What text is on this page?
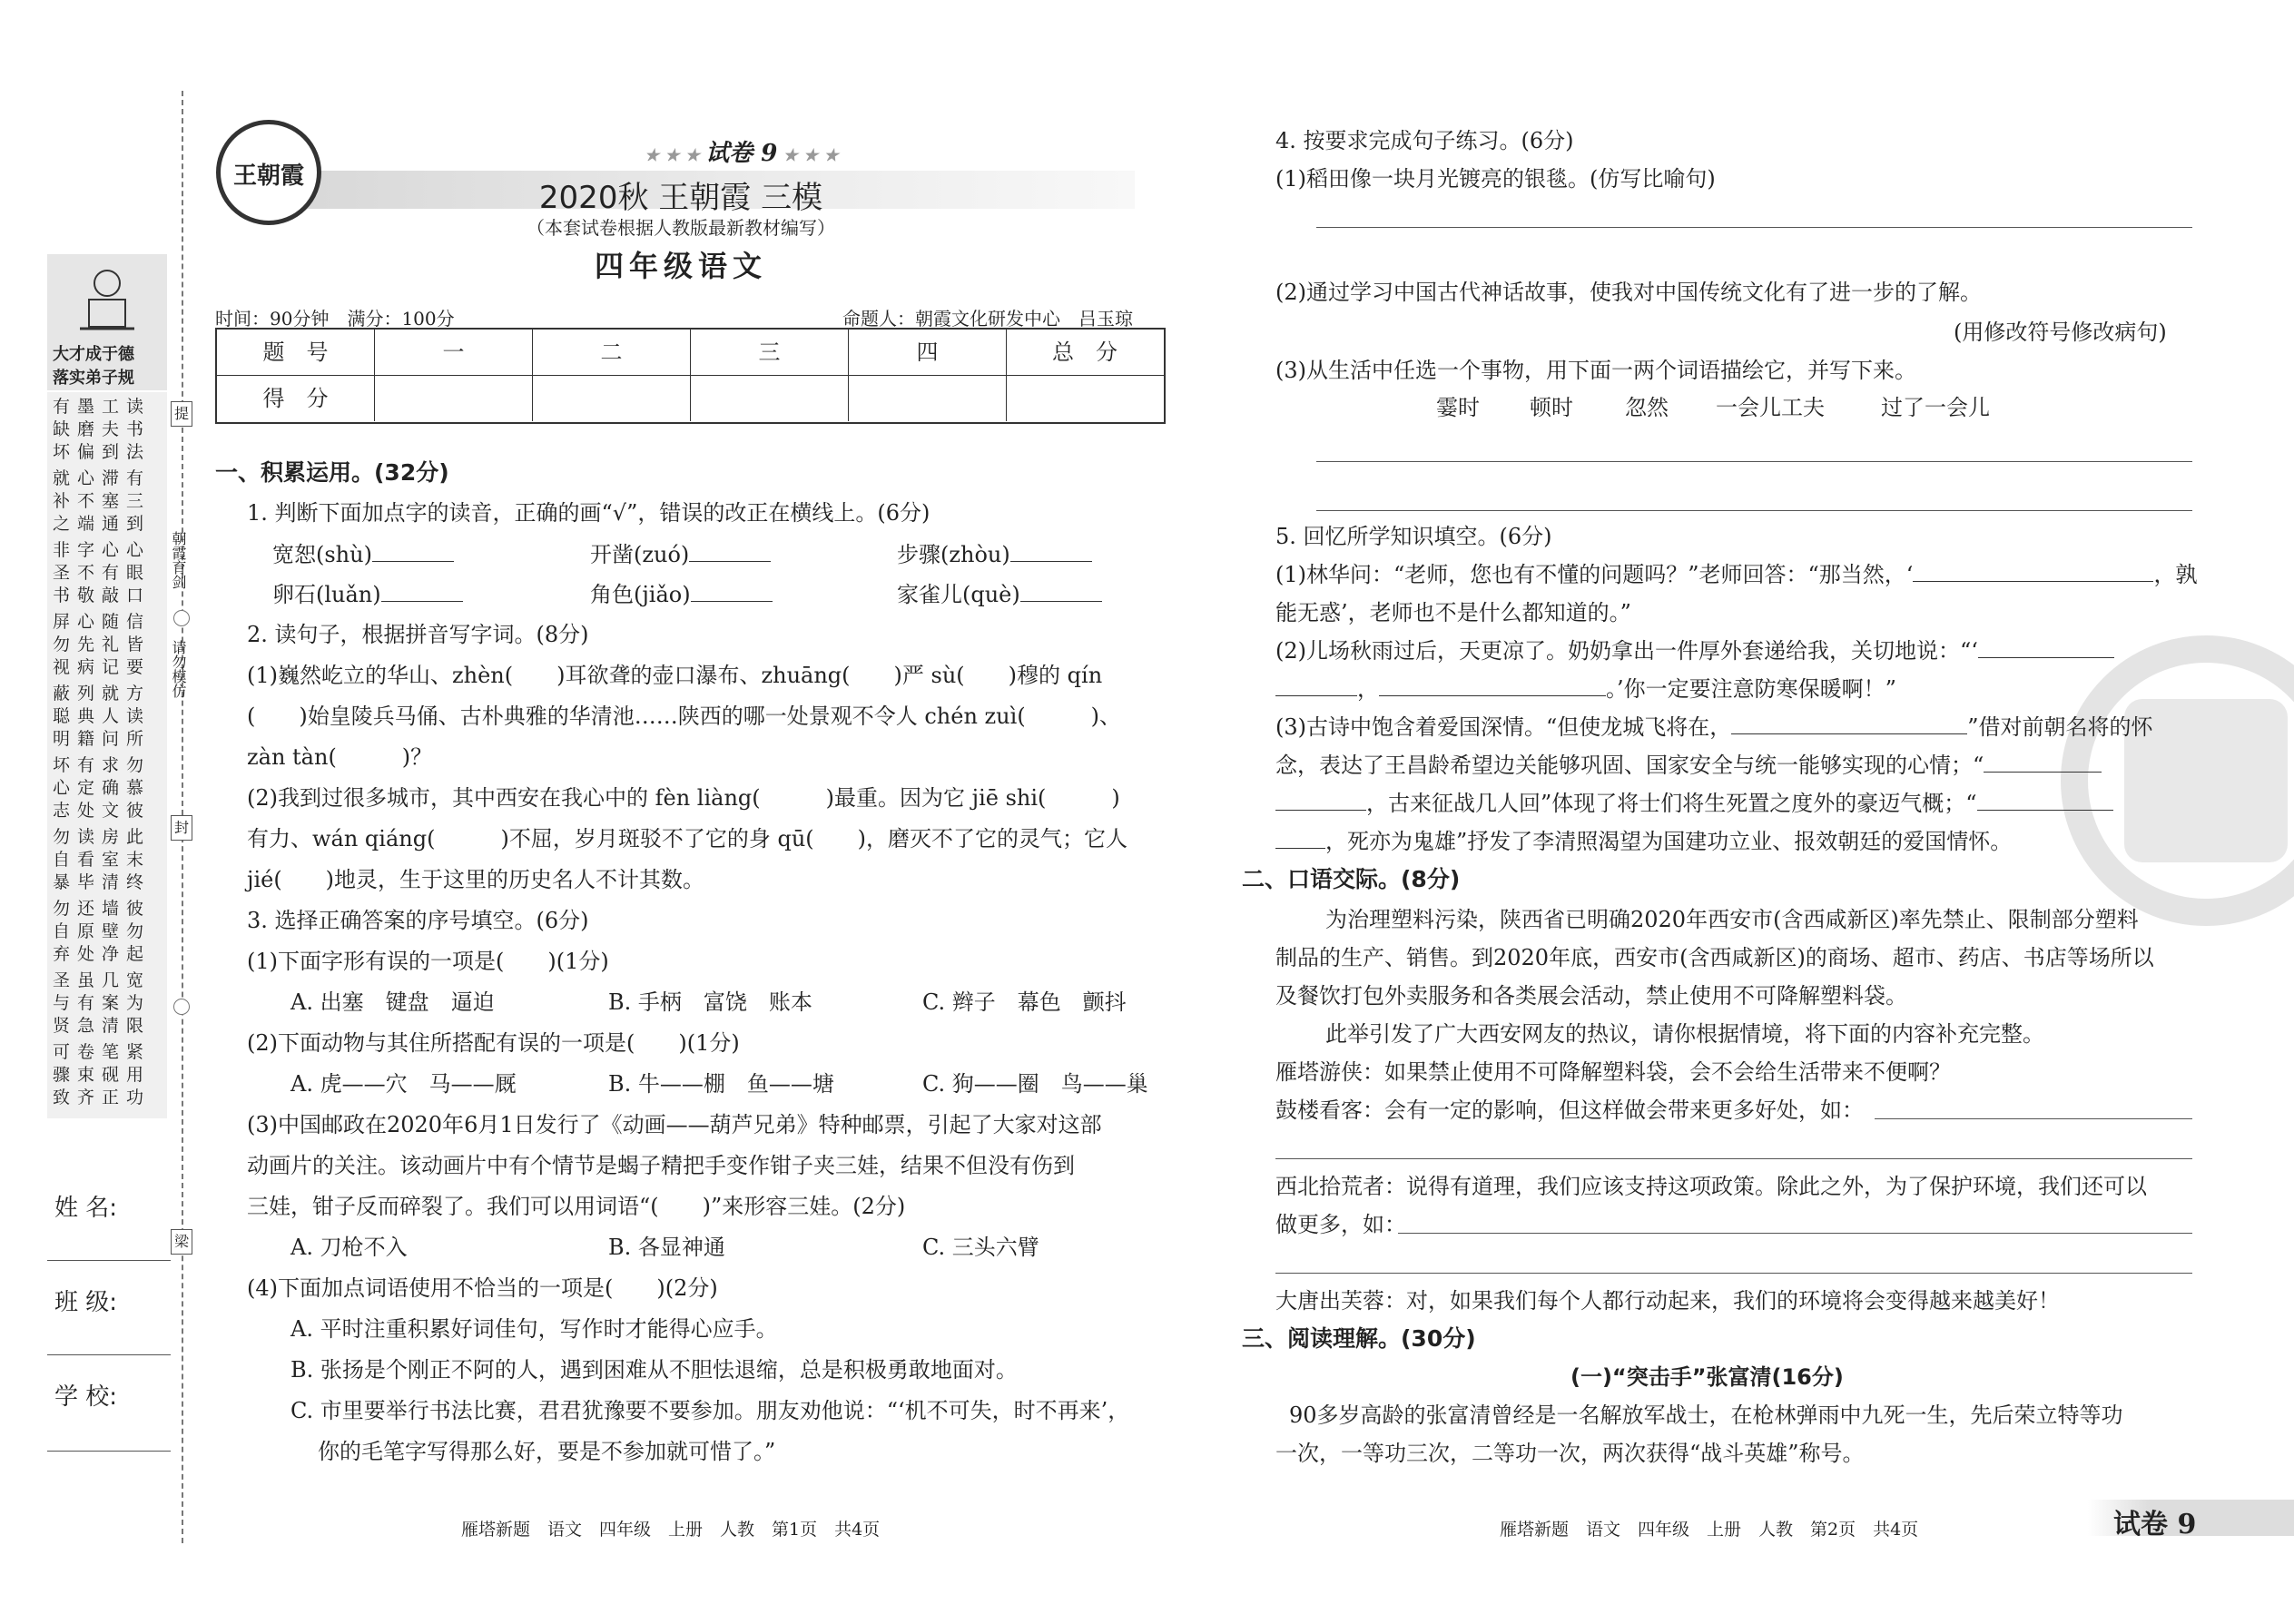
大才成于德
落实弟子规
有墨工读
缺磨夫书
坏偏到法
就心滞有
补不塞三
之端通到
非字心心
圣不有眼
书敬敲口
屏心随信
勿先礼皆
视病记要
蔽列就方
聪典人读
明籍问所
坏有求勿
心定确慕
志处文彼
勿读房此
自看室末
暴毕清终
勿还墙彼
自原壁勿
弃处净起
圣虽几宽
与有案为
贤急清限
可卷笔紧
骤束砚用
致齐正功
提
封
梁
朝霞育剑
请勿模仿
姓 名:
班 级:
学 校:
王朝霞
★ ★ ★ 试卷 9 ★ ★ ★
2020秋 王朝霞 三模
（本套试卷根据人教版最新教材编写）
四年级语文
时间：90分钟　满分：100分	命题人：朝霞文化研发中心　吕玉琼
题　号	一	二	三	四	总　分
得　分
一、积累运用。(32分)
1. 判断下面加点字的读音，正确的画“√”，错误的改正在横线上。(6分)
宽恕(shù)	开凿(zuó)	步骤(zhòu)
卵石(luǎn)	角色(jiǎo)	家雀儿(què)
2. 读句子，根据拼音写字词。(8分)
(1)巍然屹立的华山、zhèn(　　)耳欲聋的壶口瀑布、zhuāng(　　)严 sù(　　)穆的 qín
(　　)始皇陵兵马俑、古朴典雅的华清池……陕西的哪一处景观不令人 chén zuì(　　　)、
zàn tàn(　　　)？
(2)我到过很多城市，其中西安在我心中的 fèn liàng(　　　)最重。因为它 jiē shi(　　　)
有力、wán qiáng(　　　)不屈，岁月斑驳不了它的身 qū(　　)，磨灭不了它的灵气；它人
jié(　　)地灵，生于这里的历史名人不计其数。
3. 选择正确答案的序号填空。(6分)
(1)下面字形有误的一项是(　　)(1分)
A. 出塞　键盘　逼迫	B. 手柄　富饶　账本	C. 辫子　幕色　颤抖
(2)下面动物与其住所搭配有误的一项是(　　)(1分)
A. 虎——穴　马——厩	B. 牛——棚　鱼——塘	C. 狗——圈　鸟——巢
(3)中国邮政在2020年6月1日发行了《动画——葫芦兄弟》特种邮票，引起了大家对这部
动画片的关注。该动画片中有个情节是蝎子精把手变作钳子夹三娃，结果不但没有伤到
三娃，钳子反而碎裂了。我们可以用词语“(　　)”来形容三娃。(2分)
A. 刀枪不入	B. 各显神通	C. 三头六臂
(4)下面加点词语使用不恰当的一项是(　　)(2分)
A. 平时注重积累好词佳句，写作时才能得心应手。
B. 张扬是个刚正不阿的人，遇到困难从不胆怯退缩，总是积极勇敢地面对。
C. 市里要举行书法比赛，君君犹豫要不要参加。朋友劝他说：“‘机不可失，时不再来’，
你的毛笔字写得那么好，要是不参加就可惜了。”
雁塔新题　语文　四年级　上册　人教　第1页　共4页
4. 按要求完成句子练习。(6分)
(1)稻田像一块月光镀亮的银毯。(仿写比喻句)
(2)通过学习中国古代神话故事，使我对中国传统文化有了进一步的了解。
(用修改符号修改病句)
(3)从生活中任选一个事物，用下面一两个词语描绘它，并写下来。
霎时 顿时 忽然 一会儿工夫	过了一会儿
5. 回忆所学知识填空。(6分)
(1)林华问：“老师，您也有不懂的问题吗？”老师回答：“那当然，‘	，孰
能无惑’，老师也不是什么都知道的。”
(2)儿场秋雨过后，天更凉了。奶奶拿出一件厚外套递给我，关切地说：“‘
，	。’你一定要注意防寒保暖啊！”
(3)古诗中饱含着爱国深情。“但使龙城飞将在，	”借对前朝名将的怀
念，表达了王昌龄希望边关能够巩固、国家安全与统一能够实现的心情；“
，古来征战几人回”体现了将士们将生死置之度外的豪迈气概；“
，死亦为鬼雄”抒发了李清照渴望为国建功立业、报效朝廷的爱国情怀。
二、口语交际。(8分)
为治理塑料污染，陕西省已明确2020年西安市(含西咸新区)率先禁止、限制部分塑料
制品的生产、销售。到2020年底，西安市(含西咸新区)的商场、超市、药店、书店等场所以
及餐饮打包外卖服务和各类展会活动，禁止使用不可降解塑料袋。
此举引发了广大西安网友的热议，请你根据情境，将下面的内容补充完整。
雁塔游侠：如果禁止使用不可降解塑料袋，会不会给生活带来不便啊？
鼓楼看客：会有一定的影响，但这样做会带来更多好处，如：
西北拾荒者：说得有道理，我们应该支持这项政策。除此之外，为了保护环境，我们还可以
做更多，如：
大唐出芙蓉：对，如果我们每个人都行动起来，我们的环境将会变得越来越美好！
三、阅读理解。(30分)
(一)“突击手”张富清(16分)
90多岁高龄的张富清曾经是一名解放军战士，在枪林弹雨中九死一生，先后荣立特等功
一次，一等功三次，二等功一次，两次获得“战斗英雄”称号。
雁塔新题　语文　四年级　上册　人教　第2页　共4页	试卷 9
